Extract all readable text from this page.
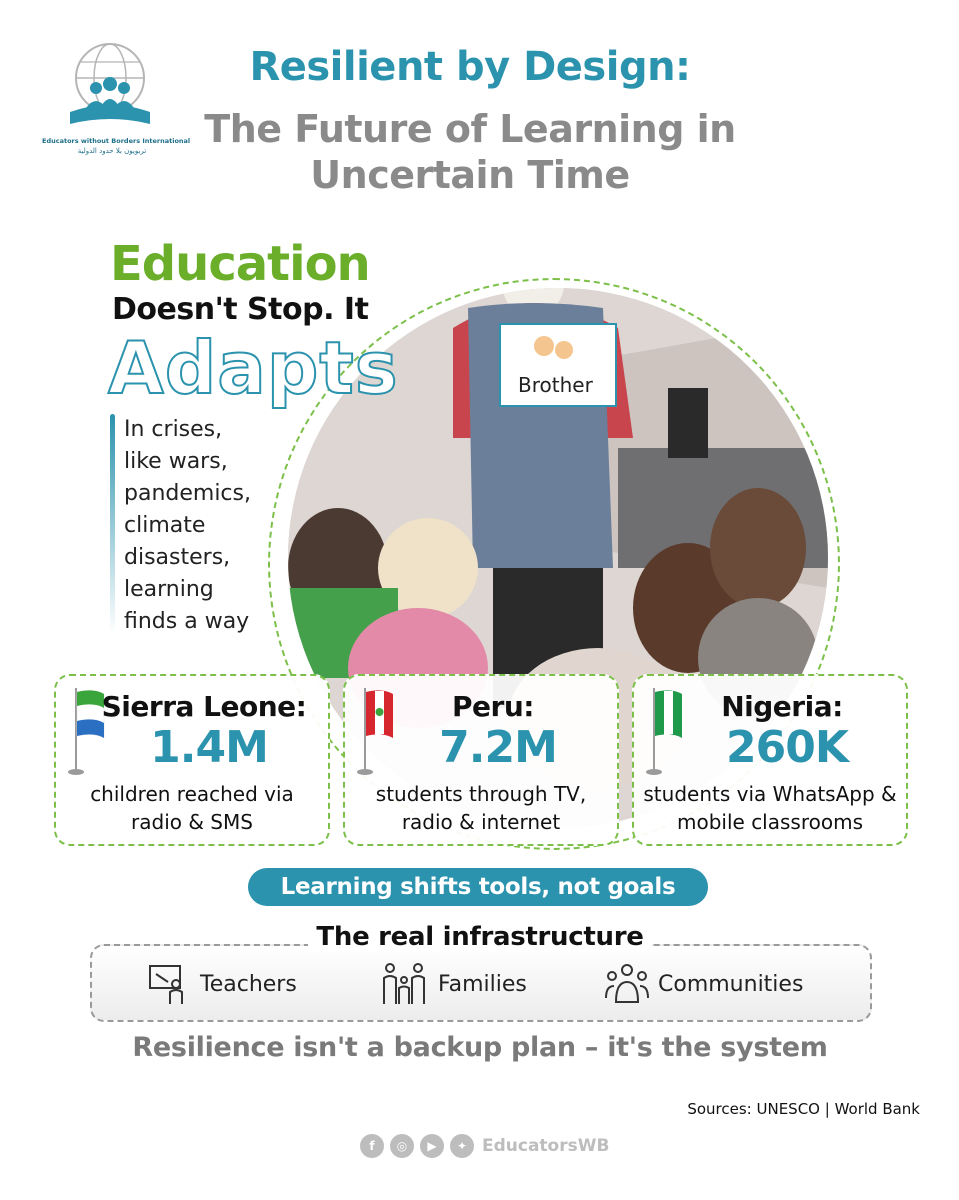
Educators without Borders International
تربويون بلا حدود الدولية
Resilient by Design:
The Future of Learning in Uncertain Time
Brother
Education
Doesn't Stop. It
Adapts
In crises,
like wars,
pandemics,
climate
disasters,
learning
finds a way
Sierra Leone:
1.4M
children reached via radio & SMS
Peru:
7.2M
students through TV, radio & internet
Nigeria:
260K
students via WhatsApp & mobile classrooms
Learning shifts tools, not goals
The real infrastructure
Teachers	Families	Communities
Resilience isn't a backup plan – it's the system
Sources: UNESCO | World Bank
f	◎	▶	✦ EducatorsWB
